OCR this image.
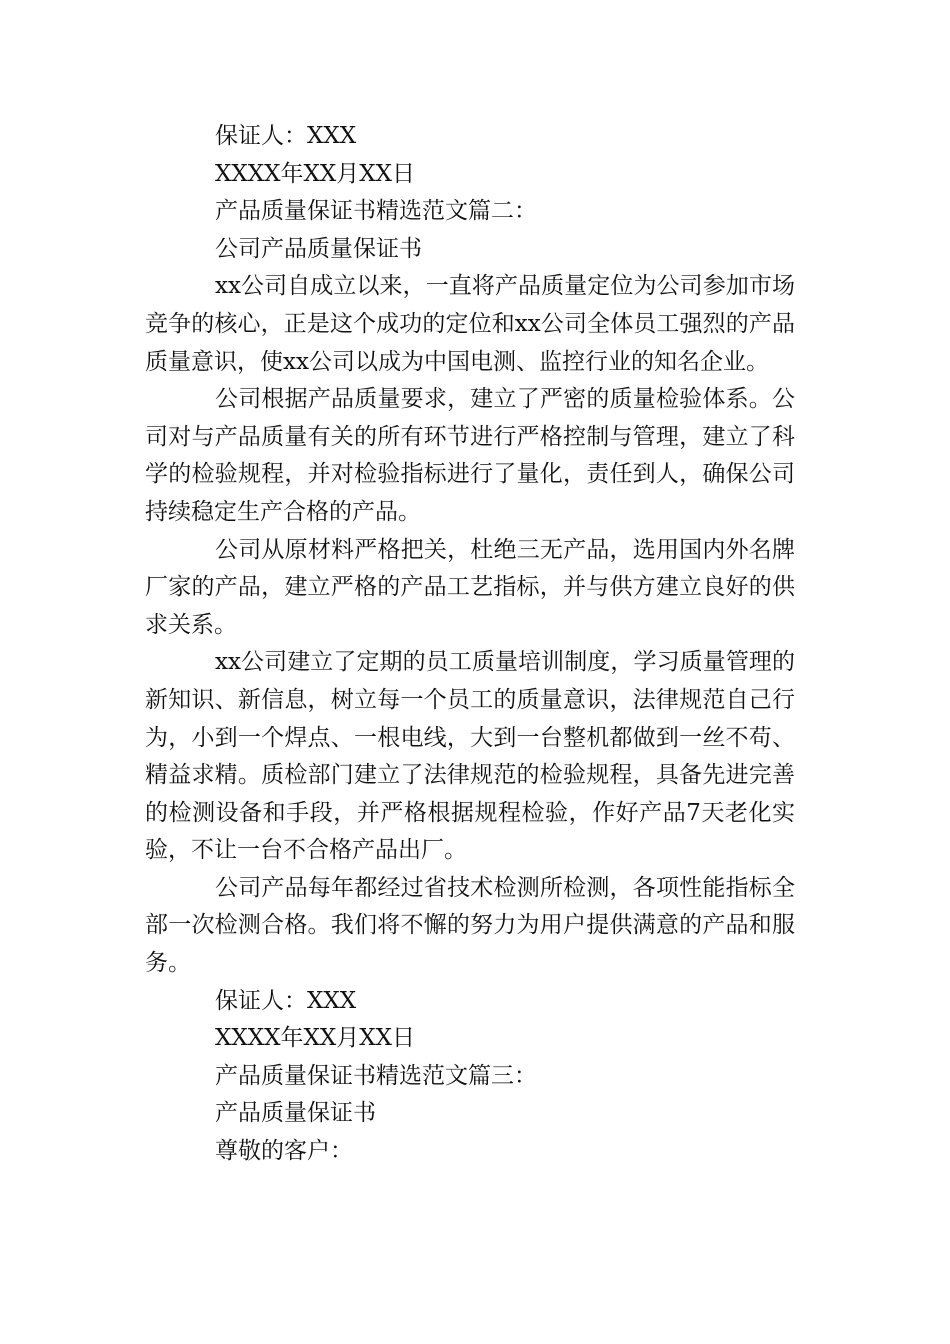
保证人：XXX

XXXX年XX月XX日

产品质量保证书精选范文篇二：

公司产品质量保证书

xx公司自成立以来，一直将产品质量定位为公司参加市场竞争的核心，正是这个成功的定位和xx公司全体员工强烈的产品质量意识，使xx公司以成为中国电测、监控行业的知名企业。

公司根据产品质量要求，建立了严密的质量检验体系。公司对与产品质量有关的所有环节进行严格控制与管理，建立了科学的检验规程，并对检验指标进行了量化，责任到人，确保公司持续稳定生产合格的产品。

公司从原材料严格把关，杜绝三无产品，选用国内外名牌厂家的产品，建立严格的产品工艺指标，并与供方建立良好的供求关系。

xx公司建立了定期的员工质量培训制度，学习质量管理的新知识、新信息，树立每一个员工的质量意识，法律规范自己行为，小到一个焊点、一根电线，大到一台整机都做到一丝不苟、精益求精。质检部门建立了法律规范的检验规程，具备先进完善的检测设备和手段，并严格根据规程检验，作好产品7天老化实验，不让一台不合格产品出厂。

公司产品每年都经过省技术检测所检测，各项性能指标全部一次检测合格。我们将不懈的努力为用户提供满意的产品和服务。

保证人：XXX

XXXX年XX月XX日

产品质量保证书精选范文篇三：

产品质量保证书

尊敬的客户：
